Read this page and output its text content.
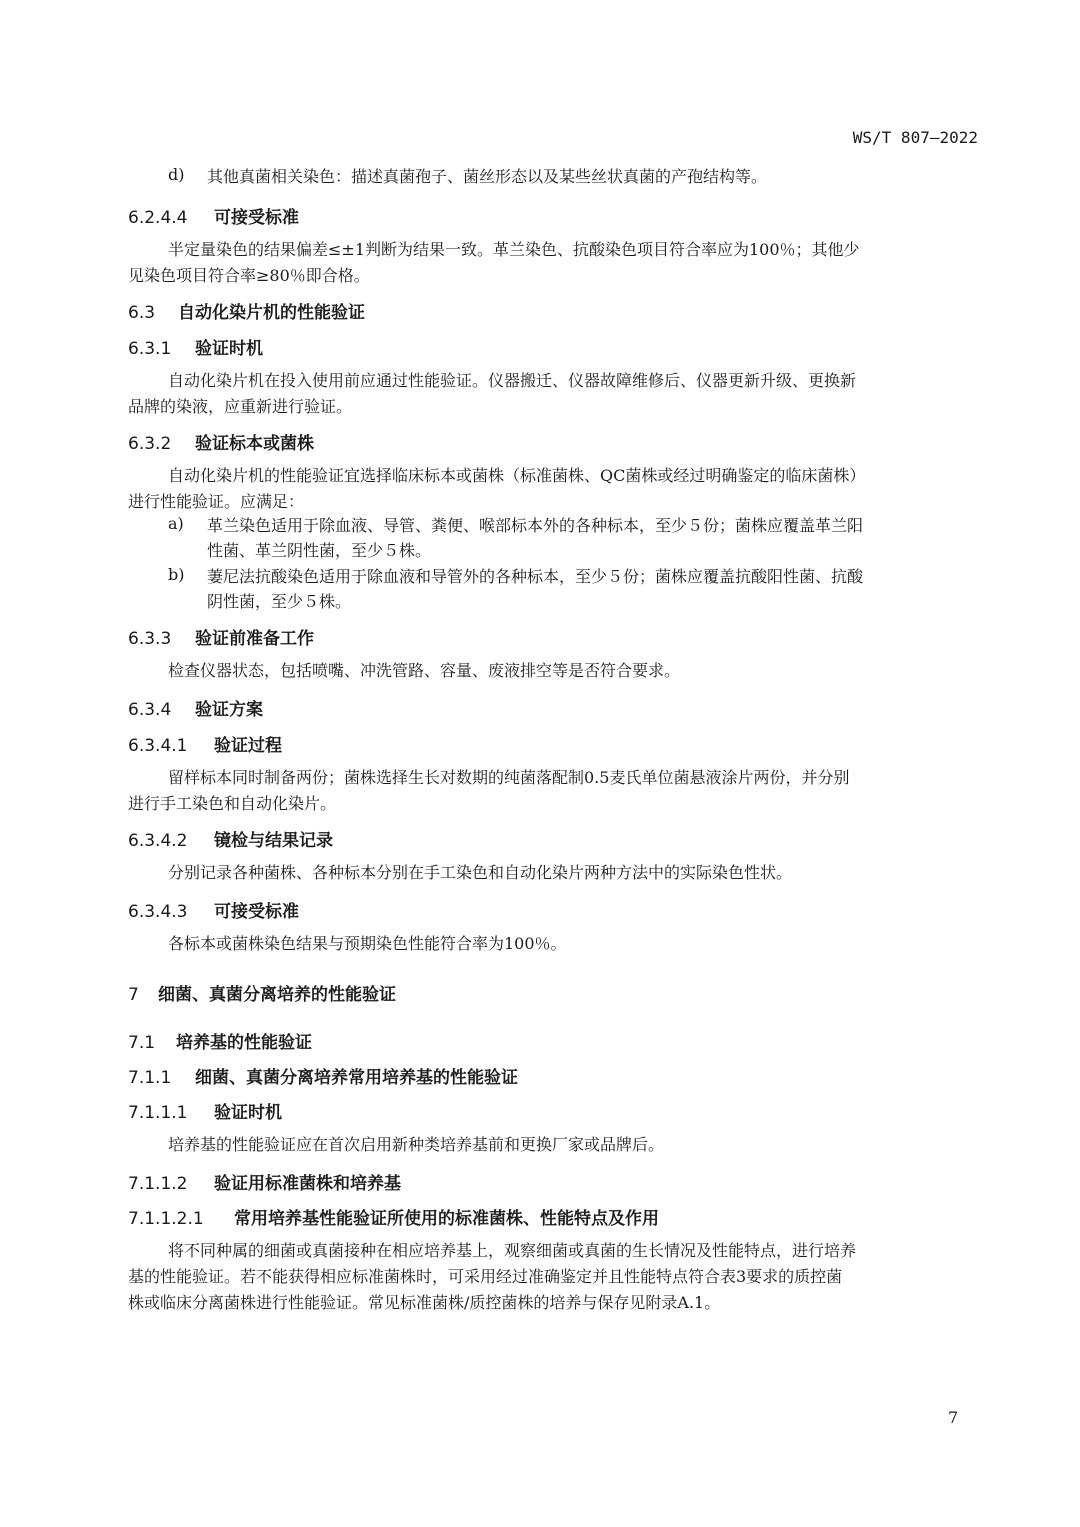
WS/T 807—2022
d) 其他真菌相关染色：描述真菌孢子、菌丝形态以及某些丝状真菌的产孢结构等。
6.2.4.4 可接受标准
半定量染色的结果偏差≤±1判断为结果一致。革兰染色、抗酸染色项目符合率应为100％；其他少
见染色项目符合率≥80％即合格。
6.3 自动化染片机的性能验证
6.3.1 验证时机
自动化染片机在投入使用前应通过性能验证。仪器搬迁、仪器故障维修后、仪器更新升级、更换新
品牌的染液，应重新进行验证。
6.3.2 验证标本或菌株
自动化染片机的性能验证宜选择临床标本或菌株（标准菌株、QC菌株或经过明确鉴定的临床菌株）
进行性能验证。应满足：
a) 革兰染色适用于除血液、导管、粪便、喉部标本外的各种标本，至少５份；菌株应覆盖革兰阳
性菌、革兰阴性菌，至少５株。
b) 萋尼法抗酸染色适用于除血液和导管外的各种标本，至少５份；菌株应覆盖抗酸阳性菌、抗酸
阴性菌，至少５株。
6.3.3 验证前准备工作
检查仪器状态，包括喷嘴、冲洗管路、容量、废液排空等是否符合要求。
6.3.4 验证方案
6.3.4.1 验证过程
留样标本同时制备两份；菌株选择生长对数期的纯菌落配制0.5麦氏单位菌悬液涂片两份，并分别
进行手工染色和自动化染片。
6.3.4.2 镜检与结果记录
分别记录各种菌株、各种标本分别在手工染色和自动化染片两种方法中的实际染色性状。
6.3.4.3 可接受标准
各标本或菌株染色结果与预期染色性能符合率为100％。
7 细菌、真菌分离培养的性能验证
7.1 培养基的性能验证
7.1.1 细菌、真菌分离培养常用培养基的性能验证
7.1.1.1 验证时机
培养基的性能验证应在首次启用新种类培养基前和更换厂家或品牌后。
7.1.1.2 验证用标准菌株和培养基
7.1.1.2.1 常用培养基性能验证所使用的标准菌株、性能特点及作用
将不同种属的细菌或真菌接种在相应培养基上，观察细菌或真菌的生长情况及性能特点，进行培养
基的性能验证。若不能获得相应标准菌株时，可采用经过准确鉴定并且性能特点符合表3要求的质控菌
株或临床分离菌株进行性能验证。常见标准菌株/质控菌株的培养与保存见附录A.1。
7
